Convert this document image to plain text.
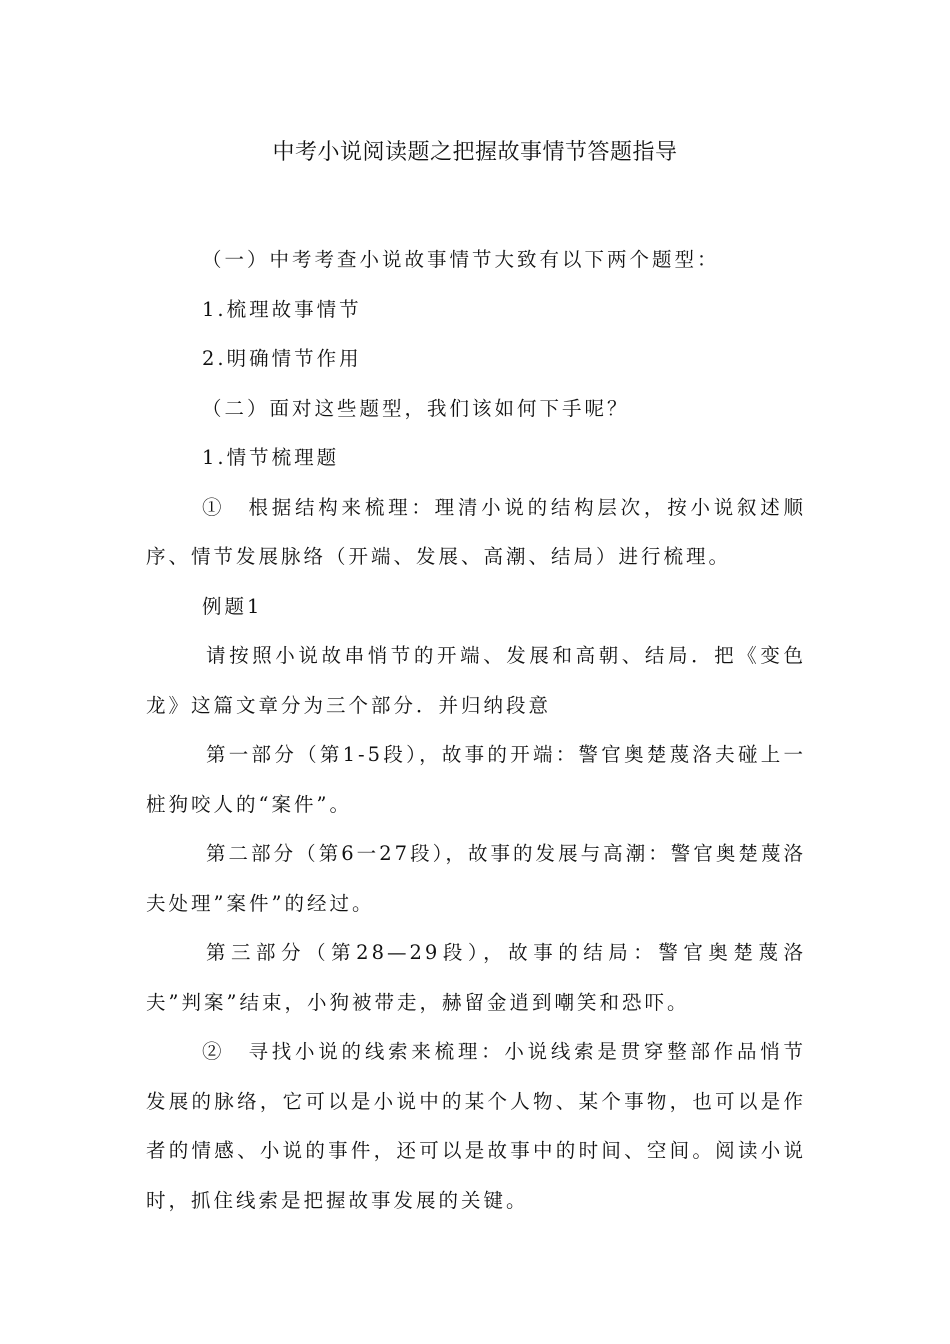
中考小说阅读题之把握故事情节答题指导

（一）中考考查小说故事情节大致有以下两个题型：

1.梳理故事情节

2.明确情节作用

（二）面对这些题型，我们该如何下手呢？

1.情节梳理题

①　根据结构来梳理：理清小说的结构层次，按小说叙述顺序、情节发展脉络（开端、发展、高潮、结局）进行梳理。

例题1

请按照小说故串悄节的开端、发展和高朝、结局．把《变色龙》这篇文章分为三个部分．并归纳段意

第一部分（第1-5段），故事的开端：警官奥楚蔑洛夫碰上一桩狗咬人的“案件”。

第二部分（第6一27段），故事的发展与高潮：警官奥楚蔑洛夫处理”案件”的经过。

第三部分（第28—29段），故事的结局：警官奥楚蔑洛夫”判案”结束，小狗被带走，赫留金逍到嘲笑和恐吓。

②　寻找小说的线索来梳理：小说线索是贯穿整部作品悄节发展的脉络，它可以是小说中的某个人物、某个事物，也可以是作者的情感、小说的事件，还可以是故事中的时间、空间。阅读小说时，抓住线索是把握故事发展的关键。
